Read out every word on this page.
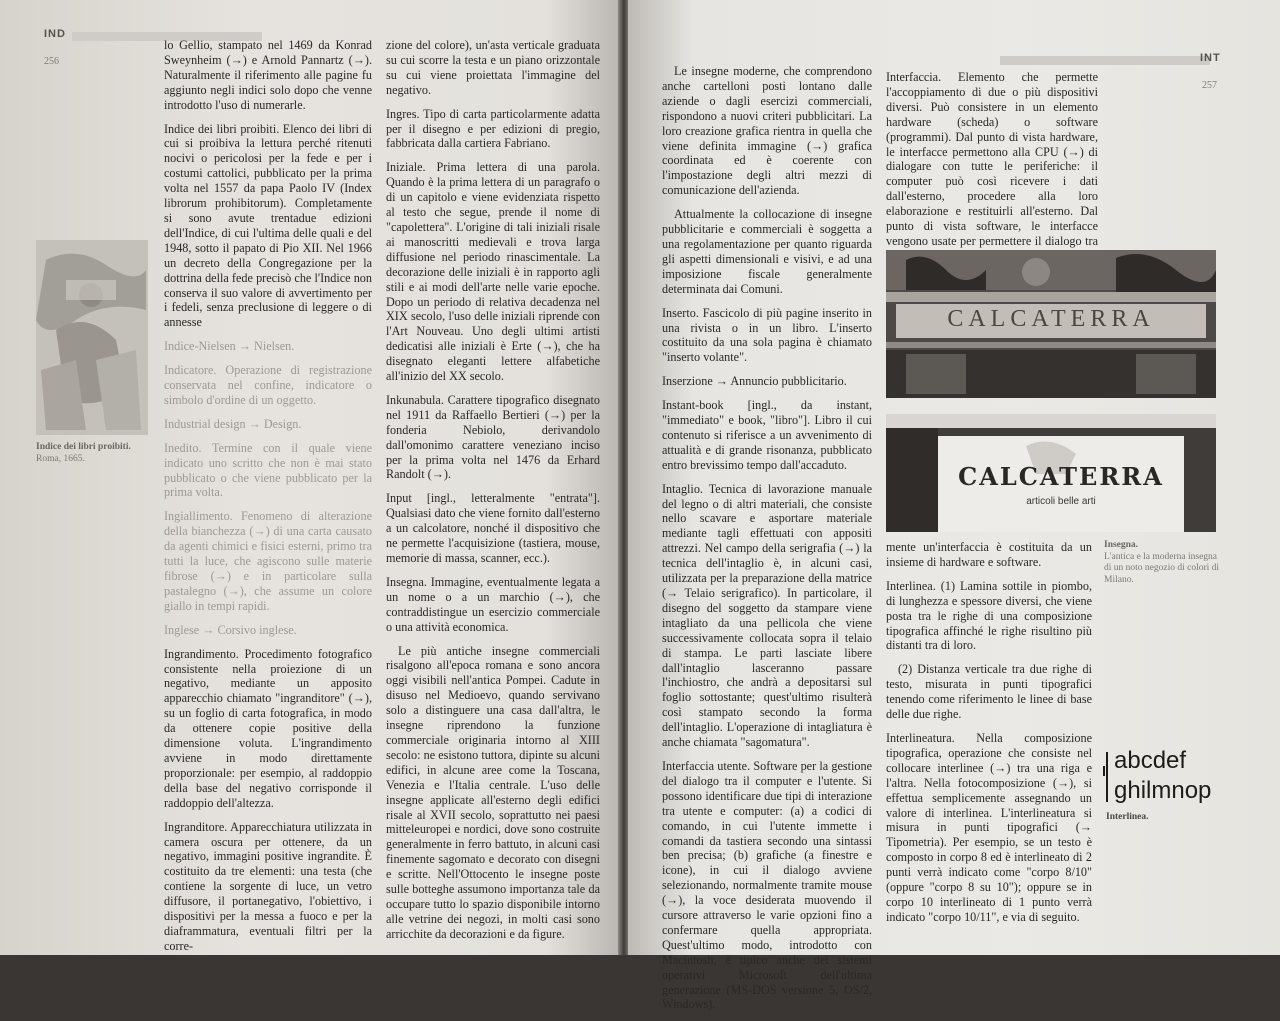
IND
256
Indice dei libri proibiti.
Roma, 1665.

lo Gellio, stampato nel 1469 da Konrad Sweynheim (→) e Arnold Pannartz (→). Naturalmente il riferimento alle pagine fu aggiunto negli indici solo dopo che venne introdotto l'uso di numerarle.

Indice dei libri proibiti. Elenco dei libri di cui si proibiva la lettura perché ritenuti nocivi o pericolosi per la fede e per i costumi cattolici, pubblicato per la prima volta nel 1557 da papa Paolo IV (Index librorum prohibitorum). Completamente si sono avute trentadue edizioni dell'Indice, di cui l'ultima delle quali e del 1948, sotto il papato di Pio XII. Nel 1966 un decreto della Congregazione per la dottrina della fede precisò che l'Indice non conserva il suo valore di avvertimento per i fedeli, senza preclusione di leggere o di annesse

Indice-Nielsen → Nielsen.

Indicatore. Operazione di registrazione conservata nel confine, indicatore o simbolo d'ordine di un oggetto.

Industrial design → Design.

Inedito. Termine con il quale viene indicato uno scritto che non è mai stato pubblicato o che viene pubblicato per la prima volta.

Ingiallimento. Fenomeno di alterazione della bianchezza (→) di una carta causato da agenti chimici e fisici esterni, primo tra tutti la luce, che agiscono sulle materie fibrose (→) e in particolare sulla pastalegno (→), che assume un colore giallo in tempi rapidi.

Inglese → Corsivo inglese.

Ingrandimento. Procedimento fotografico consistente nella proiezione di un negativo, mediante un apposito apparecchio chiamato "ingranditore" (→), su un foglio di carta fotografica, in modo da ottenere copie positive della dimensione voluta. L'ingrandimento avviene in modo direttamente proporzionale: per esempio, al raddoppio della base del negativo corrisponde il raddoppio dell'altezza.

Ingranditore. Apparecchiatura utilizzata in camera oscura per ottenere, da un negativo, immagini positive ingrandite. È costituito da tre elementi: una testa (che contiene la sorgente di luce, un vetro diffusore, il portanegativo, l'obiettivo, i dispositivi per la messa a fuoco e per la diaframmatura, eventuali filtri per la corre-

zione del colore), un'asta verticale graduata su cui scorre la testa e un piano orizzontale su cui viene proiettata l'immagine del negativo.

Ingres. Tipo di carta particolarmente adatta per il disegno e per edizioni di pregio, fabbricata dalla cartiera Fabriano.

Iniziale. Prima lettera di una parola. Quando è la prima lettera di un paragrafo o di un capitolo e viene evidenziata rispetto al testo che segue, prende il nome di "capolettera". L'origine di tali iniziali risale ai manoscritti medievali e trova larga diffusione nel periodo rinascimentale. La decorazione delle iniziali è in rapporto agli stili e ai modi dell'arte nelle varie epoche. Dopo un periodo di relativa decadenza nel XIX secolo, l'uso delle iniziali riprende con l'Art Nouveau. Uno degli ultimi artisti dedicatisi alle iniziali è Erte (→), che ha disegnato eleganti lettere alfabetiche all'inizio del XX secolo.

Inkunabula. Carattere tipografico disegnato nel 1911 da Raffaello Bertieri (→) per la fonderia Nebiolo, derivandolo dall'omonimo carattere veneziano inciso per la prima volta nel 1476 da Erhard Randolt (→).

Input [ingl., letteralmente "entrata"]. Qualsiasi dato che viene fornito dall'esterno a un calcolatore, nonché il dispositivo che ne permette l'acquisizione (tastiera, mouse, memorie di massa, scanner, ecc.).

Insegna. Immagine, eventualmente legata a un nome o a un marchio (→), che contraddistingue un esercizio commerciale o una attività economica.

Le più antiche insegne commerciali risalgono all'epoca romana e sono ancora oggi visibili nell'antica Pompei. Cadute in disuso nel Medioevo, quando servivano solo a distinguere una casa dall'altra, le insegne riprendono la funzione commerciale originaria intorno al XIII secolo: ne esistono tuttora, dipinte su alcuni edifici, in alcune aree come la Toscana, Venezia e l'Italia centrale. L'uso delle insegne applicate all'esterno degli edifici risale al XVII secolo, soprattutto nei paesi mitteleuropei e nordici, dove sono costruite generalmente in ferro battuto, in alcuni casi finemente sagomato e decorato con disegni e scritte. Nell'Ottocento le insegne poste sulle botteghe assumono importanza tale da occupare tutto lo spazio disponibile intorno alle vetrine dei negozi, in molti casi sono arricchite da decorazioni e da figure.

INT
257

Le insegne moderne, che comprendono anche cartelloni posti lontano dalle aziende o dagli esercizi commerciali, rispondono a nuovi criteri pubblicitari. La loro creazione grafica rientra in quella che viene definita immagine (→) grafica coordinata ed è coerente con l'impostazione degli altri mezzi di comunicazione dell'azienda.

Attualmente la collocazione di insegne pubblicitarie e commerciali è soggetta a una regolamentazione per quanto riguarda gli aspetti dimensionali e visivi, e ad una imposizione fiscale generalmente determinata dai Comuni.

Inserto. Fascicolo di più pagine inserito in una rivista o in un libro. L'inserto costituito da una sola pagina è chiamato "inserto volante".

Inserzione → Annuncio pubblicitario.

Instant-book [ingl., da instant, "immediato" e book, "libro"]. Libro il cui contenuto si riferisce a un avvenimento di attualità e di grande risonanza, pubblicato entro brevissimo tempo dall'accaduto.

Intaglio. Tecnica di lavorazione manuale del legno o di altri materiali, che consiste nello scavare e asportare materiale mediante tagli effettuati con appositi attrezzi. Nel campo della serigrafia (→) la tecnica dell'intaglio è, in alcuni casi, utilizzata per la preparazione della matrice (→ Telaio serigrafico). In particolare, il disegno del soggetto da stampare viene intagliato da una pellicola che viene successivamente collocata sopra il telaio di stampa. Le parti lasciate libere dall'intaglio lasceranno passare l'inchiostro, che andrà a depositarsi sul foglio sottostante; quest'ultimo risulterà così stampato secondo la forma dell'intaglio. L'operazione di intagliatura è anche chiamata "sagomatura".

Interfaccia utente. Software per la gestione del dialogo tra il computer e l'utente. Si possono identificare due tipi di interazione tra utente e computer: (a) a codici di comando, in cui l'utente immette i comandi da tastiera secondo una sintassi ben precisa; (b) grafiche (a finestre e icone), in cui il dialogo avviene selezionando, normalmente tramite mouse (→), la voce desiderata muovendo il cursore attraverso le varie opzioni fino a confermare quella appropriata. Quest'ultimo modo, introdotto con Macintosh, è tipico anche dei sistemi operativi Microsoft dell'ultima generazione (MS-DOS versione 5, OS/2, Windows).

Interfaccia. Elemento che permette l'accoppiamento di due o più dispositivi diversi. Può consistere in un elemento hardware (scheda) o software (programmi). Dal punto di vista hardware, le interfacce permettono alla CPU (→) di dialogare con tutte le periferiche: il computer può così ricevere i dati dall'esterno, procedere alla loro elaborazione e restituirli all'esterno. Dal punto di vista software, le interfacce vengono usate per permettere il dialogo tra

mente un'interfaccia è costituita da un insieme di hardware e software.

Interlinea. (1) Lamina sottile in piombo, di lunghezza e spessore diversi, che viene posta tra le righe di una composizione tipografica affinché le righe risultino più distanti tra di loro.

(2) Distanza verticale tra due righe di testo, misurata in punti tipografici tenendo come riferimento le linee di base delle due righe.

Interlineatura. Nella composizione tipografica, operazione che consiste nel collocare interlinee (→) tra una riga e l'altra. Nella fotocomposizione (→), si effettua semplicemente assegnando un valore di interlinea. L'interlineatura si misura in punti tipografici (→ Tipometria). Per esempio, se un testo è composto in corpo 8 ed è interlineato di 2 punti verrà indicato come "corpo 8/10" (oppure "corpo 8 su 10"); oppure se in corpo 10 interlineato di 1 punto verrà indicato "corpo 10/11", e via di seguito.

Insegna.
L'antica e la moderna insegna di un noto negozio di colori di Milano.
CALCATERRA
CALCATERRA
articoli belle arti
abcdef
ghilmnop
Interlinea.
